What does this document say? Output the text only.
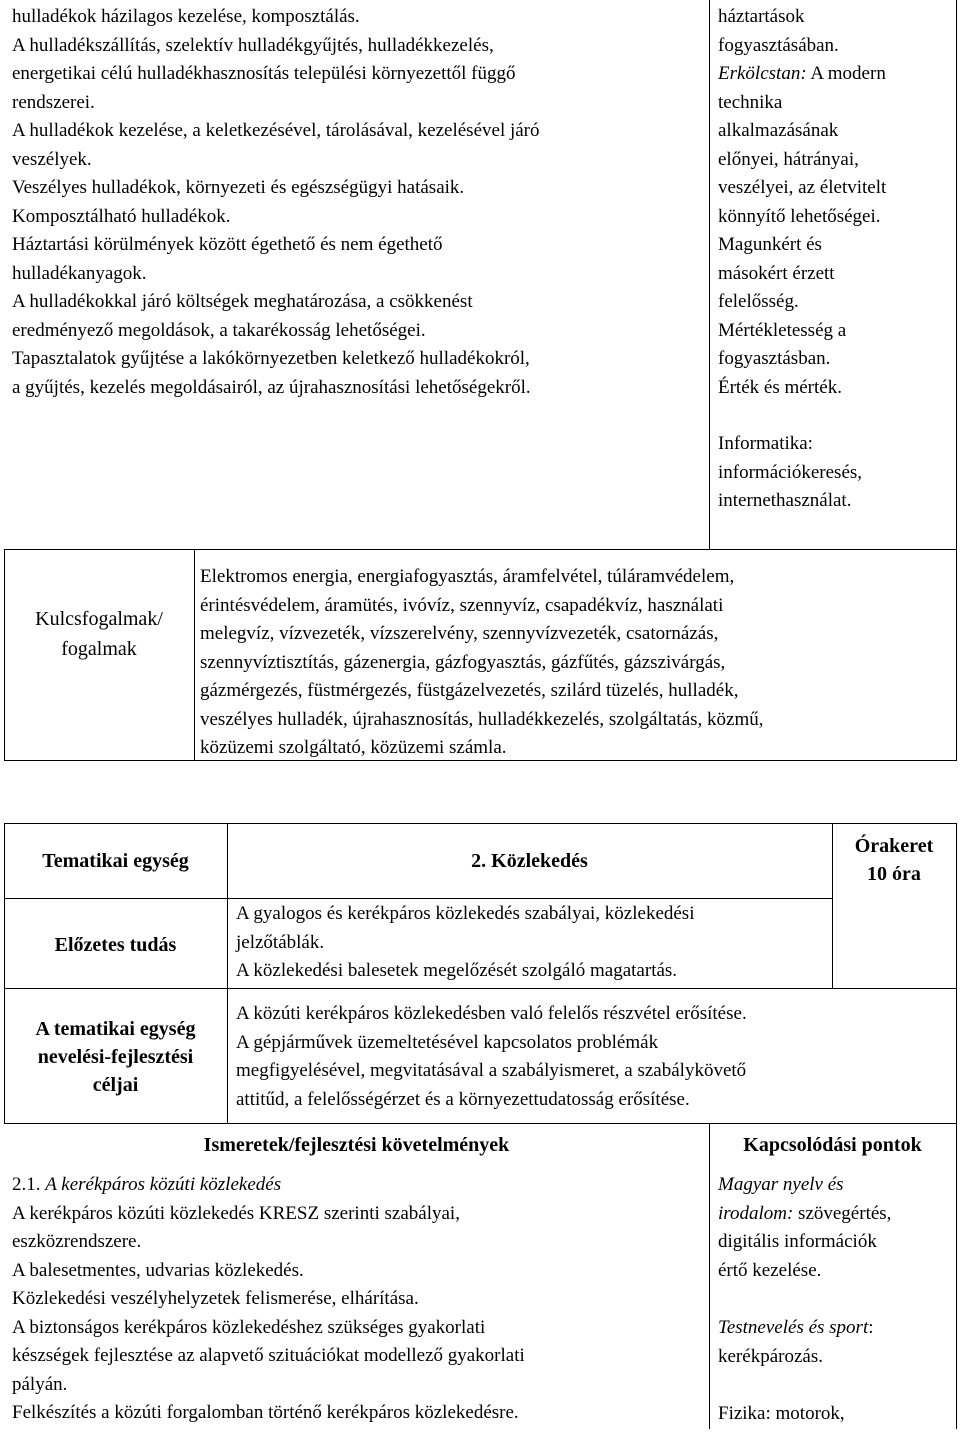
hulladékok házilagos kezelése, komposztálás.
A hulladékszállítás, szelektív hulladékgyűjtés, hulladékkezelés,
energetikai célú hulladékhasznosítás települési környezettől függő
rendszerei.
A hulladékok kezelése, a keletkezésével, tárolásával, kezelésével járó
veszélyek.
Veszélyes hulladékok, környezeti és egészségügyi hatásaik.
Komposztálható hulladékok.
Háztartási körülmények között égethető és nem égethető
hulladékanyagok.
A hulladékokkal járó költségek meghatározása, a csökkenést
eredményező megoldások, a takarékosság lehetőségei.
Tapasztalatok gyűjtése a lakókörnyezetben keletkező hulladékokról,
a gyűjtés, kezelés megoldásairól, az újrahasznosítási lehetőségekről.
háztartások
fogyasztásában.
Erkölcstan: A modern
technika
alkalmazásának
előnyei, hátrányai,
veszélyei, az életvitelt
könnyítő lehetőségei.
Magunkért és
másokért érzett
felelősség.
Mértékletesség a
fogyasztásban.
Érték és mérték.
Informatika:
információkeresés,
internethasználat.
Kulcsfogalmak/
fogalmak
Elektromos energia, energiafogyasztás, áramfelvétel, túláramvédelem,
érintésvédelem, áramütés, ivóvíz, szennyvíz, csapadékvíz, használati
melegvíz, vízvezeték, vízszerelvény, szennyvízvezeték, csatornázás,
szennyvíztisztítás, gázenergia, gázfogyasztás, gázfűtés, gázszivárgás,
gázmérgezés, füstmérgezés, füstgázelvezetés, szilárd tüzelés, hulladék,
veszélyes hulladék, újrahasznosítás, hulladékkezelés, szolgáltatás, közmű,
közüzemi szolgáltató, közüzemi számla.
Tematikai egység	2. Közlekedés
Órakeret
10 óra
Előzetes tudás
A gyalogos és kerékpáros közlekedés szabályai, közlekedési
jelzőtáblák.
A közlekedési balesetek megelőzését szolgáló magatartás.
A tematikai egység
nevelési-fejlesztési
céljai
A közúti kerékpáros közlekedésben való felelős részvétel erősítése.
A gépjárművek üzemeltetésével kapcsolatos problémák
megfigyelésével, megvitatásával a szabályismeret, a szabálykövető
attitűd, a felelősségérzet és a környezettudatosság erősítése.
Ismeretek/fejlesztési követelmények	Kapcsolódási pontok
2.1. A kerékpáros közúti közlekedés
A kerékpáros közúti közlekedés KRESZ szerinti szabályai,
eszközrendszere.
A balesetmentes, udvarias közlekedés.
Közlekedési veszélyhelyzetek felismerése, elhárítása.
A biztonságos kerékpáros közlekedéshez szükséges gyakorlati
készségek fejlesztése az alapvető szituációkat modellező gyakorlati
pályán.
Felkészítés a közúti forgalomban történő kerékpáros közlekedésre.
Magyar nyelv és
irodalom: szövegértés,
digitális információk
értő kezelése.
Testnevelés és sport:
kerékpározás.
Fizika: motorok,
